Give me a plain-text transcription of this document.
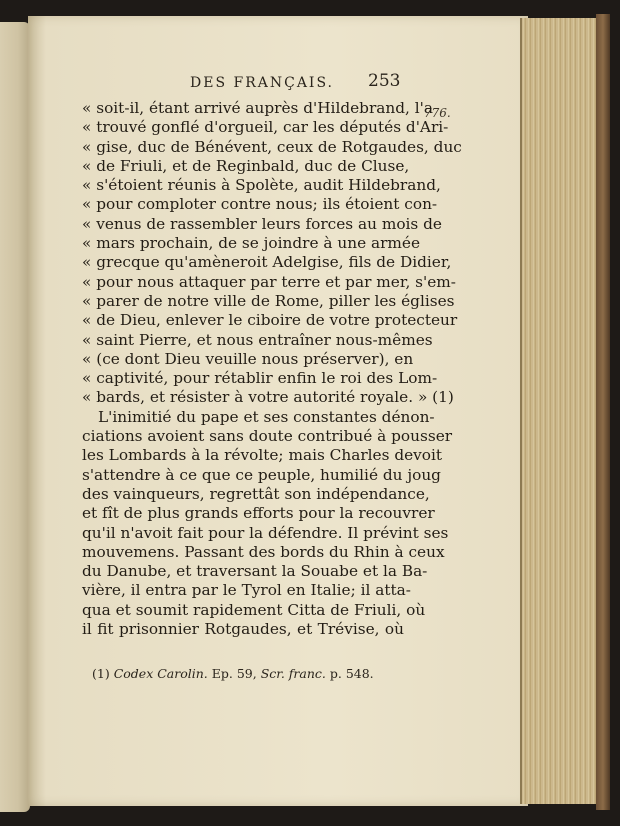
DES FRANÇAIS. 253
776.
« soit-il, étant arrivé auprès d'Hildebrand, l'a
« trouvé gonflé d'orgueil, car les députés d'Ari-
« gise, duc de Bénévent, ceux de Rotgaudes, duc
« de Friuli, et de Reginbald, duc de Cluse,
« s'étoient réunis à Spolète, audit Hildebrand,
« pour comploter contre nous; ils étoient con-
« venus de rassembler leurs forces au mois de
« mars prochain, de se joindre à une armée
« grecque qu'amèneroit Adelgise, fils de Didier,
« pour nous attaquer par terre et par mer, s'em-
« parer de notre ville de Rome, piller les églises
« de Dieu, enlever le ciboire de votre protecteur
« saint Pierre, et nous entraîner nous-mêmes
« (ce dont Dieu veuille nous préserver), en
« captivité, pour rétablir enfin le roi des Lom-
« bards, et résister à votre autorité royale. » (1)
L'inimitié du pape et ses constantes dénon-
ciations avoient sans doute contribué à pousser
les Lombards à la révolte; mais Charles devoit
s'attendre à ce que ce peuple, humilié du joug
des vainqueurs, regrettât son indépendance,
et fît de plus grands efforts pour la recouvrer
qu'il n'avoit fait pour la défendre. Il prévint ses
mouvemens. Passant des bords du Rhin à ceux
du Danube, et traversant la Souabe et la Ba-
vière, il entra par le Tyrol en Italie; il atta-
qua et soumit rapidement Citta de Friuli, où
il fit prisonnier Rotgaudes, et Trévise, où
(1) Codex Carolin. Ep. 59, Scr. franc. p. 548.
